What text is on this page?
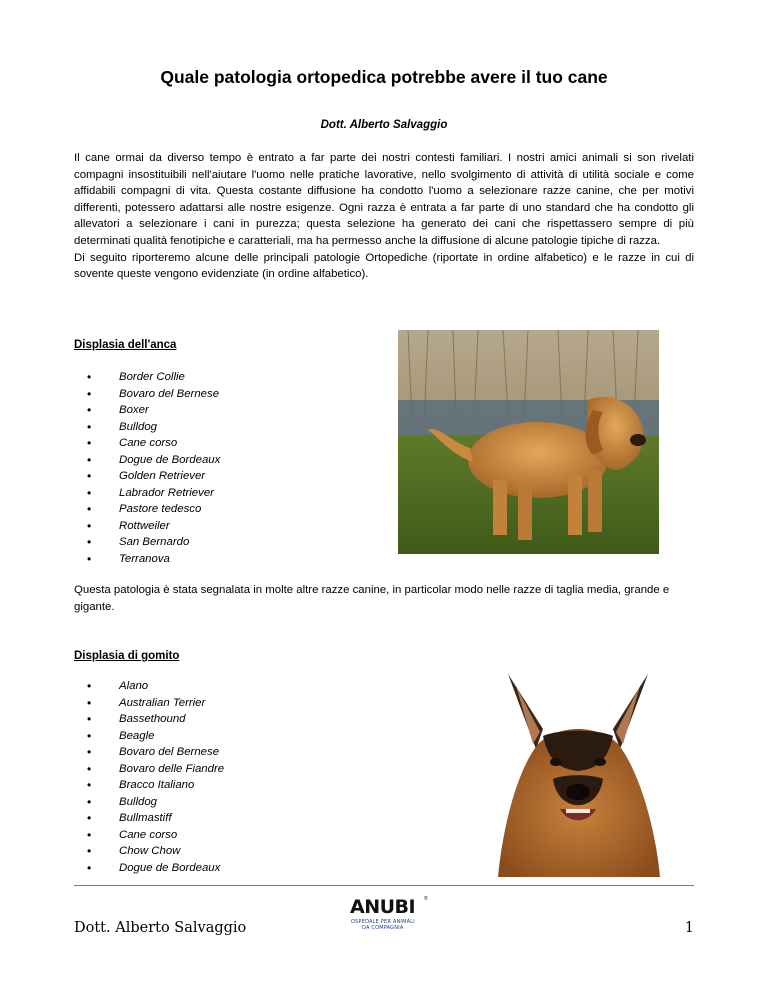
Quale patologia ortopedica potrebbe avere il tuo cane
Dott. Alberto Salvaggio

Il cane ormai da diverso tempo è entrato a far parte dei nostri contesti familiari. I nostri amici animali si son rivelati compagni insostituibili nell'aiutare l'uomo nelle pratiche lavorative, nello svolgimento di attività di utilità sociale e come affidabili compagni di vita. Questa costante diffusione ha condotto l'uomo a selezionare razze canine, che per motivi differenti, potessero adattarsi alle nostre esigenze. Ogni razza è entrata a far parte di uno standard che ha condotto gli allevatori a selezionare i cani in purezza; questa selezione ha generato dei cani che rispettassero sempre di più determinati qualità fenotipiche e caratteriali, ma ha permesso anche la diffusione di alcune patologie tipiche di razza.

Di seguito riporteremo alcune delle principali patologie Ortopediche (riportate in ordine alfabetico) e le razze in cui di sovente queste vengono evidenziate (in ordine alfabetico).

Displasia dell'anca
• Border Collie
• Bovaro del Bernese
• Boxer
• Bulldog
• Cane corso
• Dogue de Bordeaux
• Golden Retriever
• Labrador Retriever
• Pastore tedesco
• Rottweiler
• San Bernardo
• Terranova

Questa patologia è stata segnalata in molte altre razze canine, in particolar modo nelle razze di taglia media, grande e gigante.

Displasia di gomito
• Alano
• Australian Terrier
• Bassethound
• Beagle
• Bovaro del Bernese
• Bovaro delle Fiandre
• Bracco Italiano
• Bulldog
• Bullmastiff
• Cane corso
• Chow Chow
• Dogue de Bordeaux
Dott. Alberto Salvaggio
ANUBI ®
OSPEDALE PER ANIMALI
DA COMPAGNIA	1
